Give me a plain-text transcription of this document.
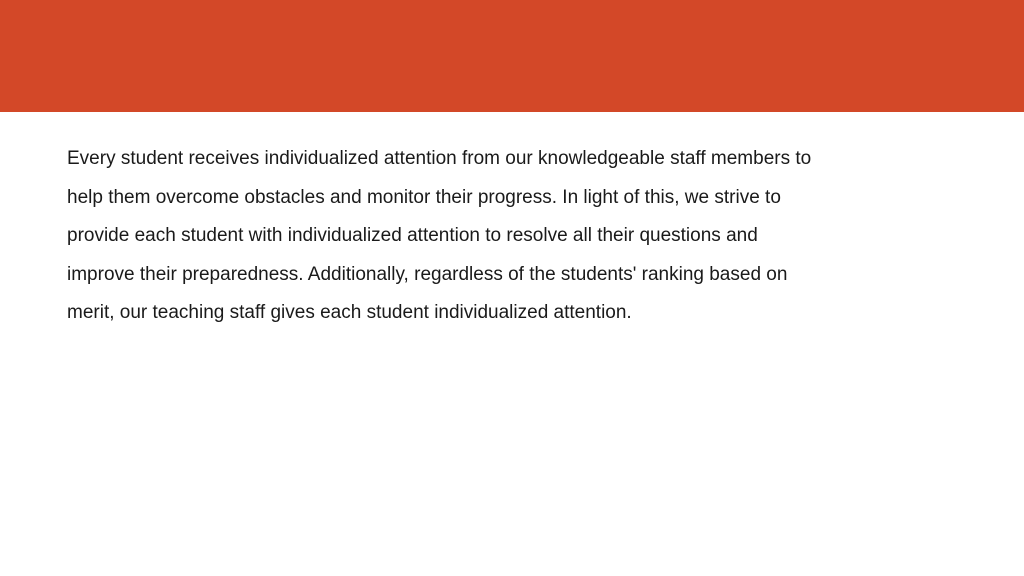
Every student receives individualized attention from our knowledgeable staff members to
help them overcome obstacles and monitor their progress. In light of this, we strive to
provide each student with individualized attention to resolve all their questions and
improve their preparedness. Additionally, regardless of the students' ranking based on
merit, our teaching staff gives each student individualized attention.
